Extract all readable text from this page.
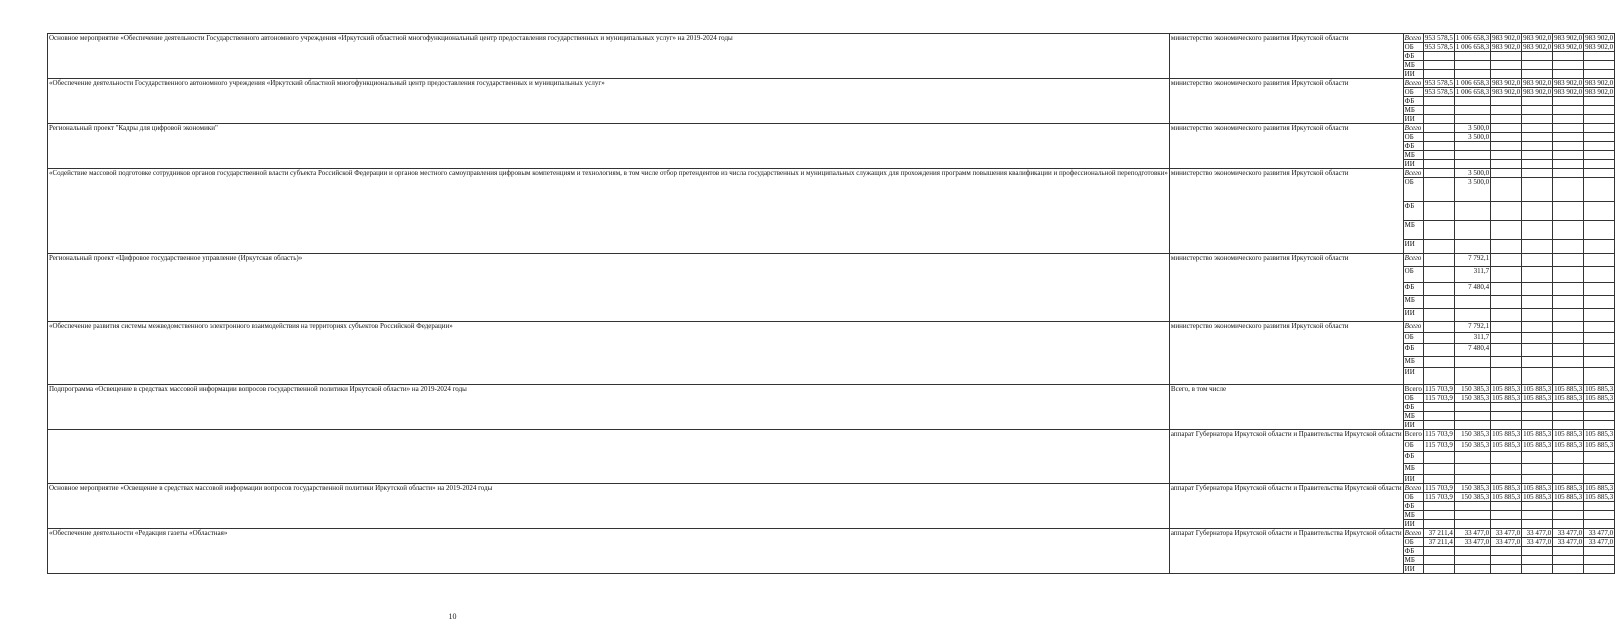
Основное мероприятие «Обеспечение деятельности Государственного автономного учреждения «Иркутский областной многофункциональный центр предоставления государственных и муниципальных услуг» на 2019-2024 годы	министерство экономического развития Иркутской области	Всего	953 578,5	1 006 658,3	983 902,0	983 902,0	983 902,0	983 902,0
		ОБ	953 578,5	1 006 658,3	983 902,0	983 902,0	983 902,0	983 902,0
		ФБ						
		МБ						
		ИИ						
«Обеспечение деятельности Государственного автономного учреждения «Иркутский областной многофункциональный центр предоставления государственных и муниципальных услуг»	министерство экономического развития Иркутской области	Всего	953 578,5	1 006 658,3	983 902,0	983 902,0	983 902,0	983 902,0
		ОБ	953 578,5	1 006 658,3	983 902,0	983 902,0	983 902,0	983 902,0
		ФБ						
		МБ						
		ИИ						
Региональный проект "Кадры для цифровой экономики"	министерство экономического развития Иркутской области	Всего		3 500,0				
		ОБ		3 500,0				
		ФБ						
		МБ						
		ИИ						
«Содействие массовой подготовке сотрудников органов государственной власти субъекта Российской Федерации и органов местного самоуправления цифровым компетенциям и технологиям, в том числе отбор претендентов из числа государственных и муниципальных служащих для прохождения программ повышения квалификации и профессиональной переподготовки»	министерство экономического развития Иркутской области	Всего		3 500,0				
		ОБ		3 500,0				
		ФБ						
		МБ						
		ИИ						
Региональный проект «Цифровое государственное управление (Иркутская область)»	министерство экономического развития Иркутской области	Всего		7 792,1				
		ОБ		311,7				
		ФБ		7 480,4				
		МБ						
		ИИ						
«Обеспечение развития системы межведомственного электронного взаимодействия на территориях субъектов Российской Федерации»	министерство экономического развития Иркутской области	Всего		7 792,1				
		ОБ		311,7				
		ФБ		7 480,4				
		МБ						
		ИИ						
Подпрограмма «Освещение в средствах массовой информации вопросов государственной политики Иркутской области» на 2019-2024 годы	Всего, в том числе	Всего	115 703,9	150 385,3	105 885,3	105 885,3	105 885,3	105 885,3
		ОБ	115 703,9	150 385,3	105 885,3	105 885,3	105 885,3	105 885,3
		ФБ						
		МБ						
		ИИ						
	аппарат Губернатора Иркутской области и Правительства Иркутской области	Всего	115 703,9	150 385,3	105 885,3	105 885,3	105 885,3	105 885,3
		ОБ	115 703,9	150 385,3	105 885,3	105 885,3	105 885,3	105 885,3
		ФБ						
		МБ						
		ИИ						
Основное мероприятие «Освещение в средствах массовой информации вопросов государственной политики Иркутской области» на 2019-2024 годы	аппарат Губернатора Иркутской области и Правительства Иркутской области	Всего	115 703,9	150 385,3	105 885,3	105 885,3	105 885,3	105 885,3
		ОБ	115 703,9	150 385,3	105 885,3	105 885,3	105 885,3	105 885,3
		ФБ						
		МБ						
		ИИ						
«Обеспечение деятельности «Редакция газеты «Областная»	аппарат Губернатора Иркутской области и Правительства Иркутской области	Всего	37 211,4	33 477,0	33 477,0	33 477,0	33 477,0	33 477,0
		ОБ	37 211,4	33 477,0	33 477,0	33 477,0	33 477,0	33 477,0
		ФБ						
		МБ						
		ИИ						
10
